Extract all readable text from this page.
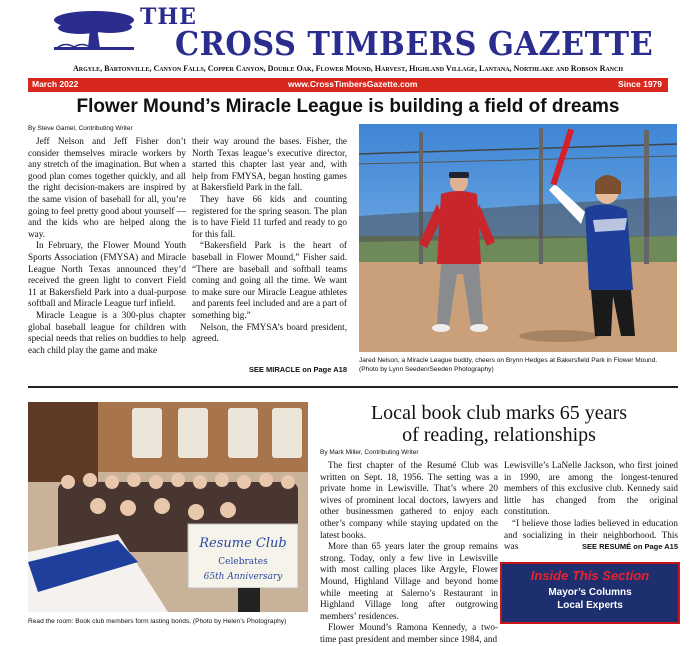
THE
CROSS TIMBERS GAZETTE
Argyle, Bartonville, Canyon Falls, Copper Canyon, Double Oak, Flower Mound, Harvest, Highland Village, Lantana, Northlake and Robson Ranch
March 2022	www.CrossTimbersGazette.com	Since 1979
Flower Mound’s Miracle League is building a field of dreams
By Steve Gamel, Contributing Writer

Jeff Nelson and Jeff Fisher don’t consider themselves miracle workers by any stretch of the imagination. But when a good plan comes together quickly, and all the right decision-makers are inspired by the same vision of baseball for all, you’re going to feel pretty good about yourself — and the kids who are helped along the way.

In February, the Flower Mound Youth Sports Association (FMYSA) and Miracle League North Texas announced they’d received the green light to convert Field 11 at Bakersfield Park into a dual-purpose softball and Miracle League turf infield.

Miracle League is a 300-plus chapter global baseball league for children with special needs that relies on buddies to help each child play the game and make

their way around the bases. Fisher, the North Texas league’s executive director, started this chapter last year and, with help from FMYSA, began hosting games at Bakersfield Park in the fall.

They have 66 kids and counting registered for the spring season. The plan is to have Field 11 turfed and ready to go for this fall.

“Bakersfield Park is the heart of baseball in Flower Mound,” Fisher said. “There are baseball and softball teams coming and going all the time. We want to make sure our Miracle League athletes and parents feel included and are a part of something big.”

Nelson, the FMYSA’s board president, agreed.

SEE MIRACLE on Page A18
Jared Nelson, a Miracle League buddy, cheers on Brynn Hedges at Bakersfield Park in Flower Mound. (Photo by Lynn Seeden/Seeden Photography)
Resume Club
Celebrates
65th Anniversary
Read the room: Book club members form lasting bonds. (Photo by Helen’s Photography)
Local book club marks 65 years
of reading, relationships
By Mark Miller, Contributing Writer

The first chapter of the Resumé Club was written on Sept. 18, 1956. The setting was a private home in Lewisville. That’s where 20 wives of prominent local doctors, lawyers and other businessmen gathered to enjoy each other’s company while staying updated on the latest books.

More than 65 years later the group remains strong. Today, only a few live in Lewisville with most calling places like Argyle, Flower Mound, Highland Village and beyond home while meeting at Salerno’s Restaurant in Highland Village long after outgrowing members’ residences.

Flower Mound’s Ramona Kennedy, a two-time past president and member since 1984, and

Lewisville’s LaNelle Jackson, who first joined in 1990, are among the longest-tenured members of this exclusive club. Kennedy said little has changed from the original constitution.

“I believe those ladies believed in education and socializing in their neighborhood. This was	SEE RESUMÉ on Page A15
Inside This Section
Mayor’s Columns
Local Experts
